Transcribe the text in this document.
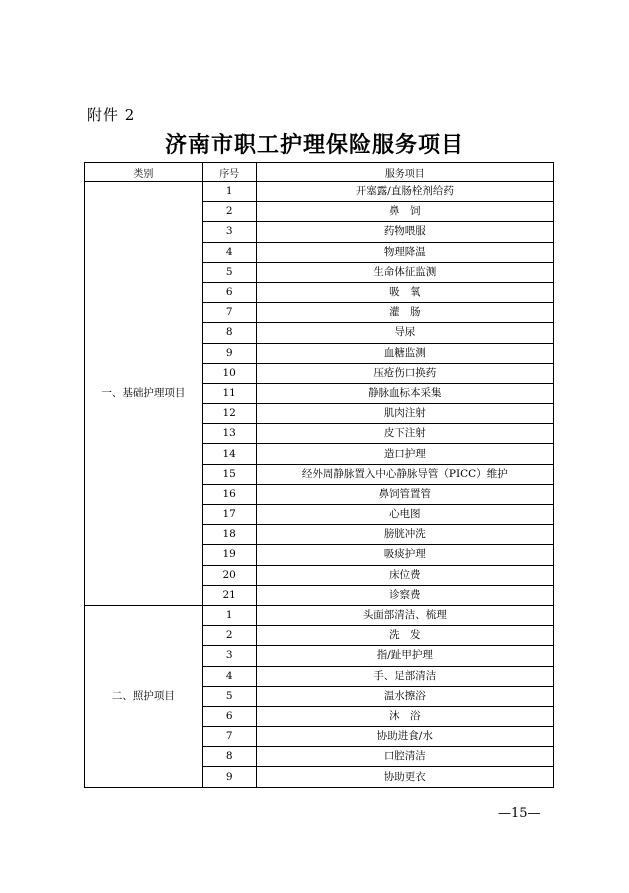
附件 2
济南市职工护理保险服务项目
类别	序号	服务项目
一、基础护理项目	1	开塞露/直肠栓剂给药
	2	鼻　饲
	3	药物喂服
	4	物理降温
	5	生命体征监测
	6	吸　氧
	7	灌　肠
	8	导尿
	9	血糖监测
	10	压疮伤口换药
	11	静脉血标本采集
	12	肌肉注射
	13	皮下注射
	14	造口护理
	15	经外周静脉置入中心静脉导管（PICC）维护
	16	鼻饲管置管
	17	心电图
	18	膀胱冲洗
	19	吸痰护理
	20	床位费
	21	诊察费
二、照护项目	1	头面部清洁、梳理
	2	洗　发
	3	指/趾甲护理
	4	手、足部清洁
	5	温水擦浴
	6	沐　浴
	7	协助进食/水
	8	口腔清洁
	9	协助更衣
—15—
